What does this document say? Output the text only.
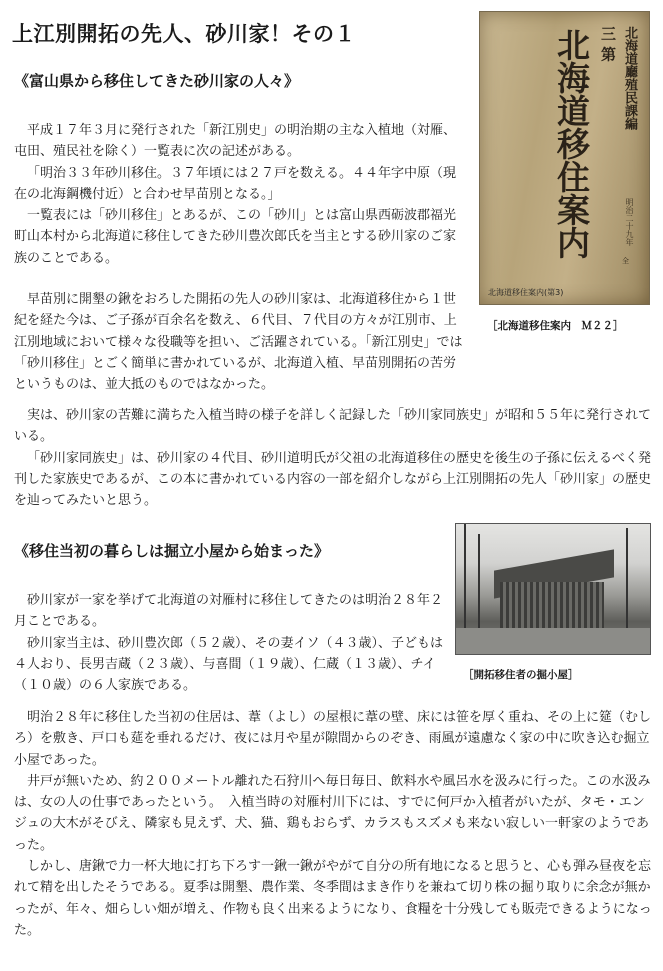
上江別開拓の先人、砂川家！その１
《富山県から移住してきた砂川家の人々》

平成１７年３月に発行された「新江別史」の明治期の主な入植地（対雁、屯田、殖民社を除く）一覧表に次の記述がある。

「明治３３年砂川移住。３７年頃には２７戸を数える。４４年字中原（現在の北海鋼機付近）と合わせ早苗別となる。」

一覧表には「砂川移住」とあるが、この「砂川」とは富山県西砺波郡福光町山本村から北海道に移住してきた砂川豊次郎氏を当主とする砂川家のご家族のことである。

早苗別に開墾の鍬をおろした開拓の先人の砂川家は、北海道移住から１世紀を経た今は、ご子孫が百余名を数え、６代目、７代目の方々が江別市、上江別地域において様々な役職等を担い、ご活躍されている。「新江別史」では「砂川移住」とごく簡単に書かれているが、北海道入植、早苗別開拓の苦労というものは、並大抵のものではなかった。

実は、砂川家の苦難に満ちた入植当時の様子を詳しく記録した「砂川家同族史」が昭和５５年に発行されている。

「砂川家同族史」は、砂川家の４代目、砂川道明氏が父祖の北海道移住の歴史を後生の子孫に伝えるべく発刊した家族史であるが、この本に書かれている内容の一部を紹介しながら上江別開拓の先人「砂川家」の歴史を辿ってみたいと思う。

北海道廳殖民課編
三 第
北海道移住案内	明治二十九年
全
北海道移住案内(第3)
［北海道移住案内　Ｍ２２］
《移住当初の暮らしは掘立小屋から始まった》

砂川家が一家を挙げて北海道の対雁村に移住してきたのは明治２８年２月ことである。

砂川家当主は、砂川豊次郎（５２歳）、その妻イソ（４３歳）、子どもは４人おり、長男吉蔵（２３歳）、与喜間（１９歳）、仁蔵（１３歳）、チイ（１０歳）の６人家族である。

明治２８年に移住した当初の住居は、葦（よし）の屋根に葦の壁、床には笹を厚く重ね、その上に筵（むしろ）を敷き、戸口も莚を垂れるだけ、夜には月や星が隙間からのぞき、雨風が遠慮なく家の中に吹き込む掘立小屋であった。

井戸が無いため、約２００メートル離れた石狩川へ毎日毎日、飲料水や風呂水を汲みに行った。この水汲みは、女の人の仕事であったという。　入植当時の対雁村川下には、すでに何戸か入植者がいたが、タモ・エンジュの大木がそびえ、隣家も見えず、犬、猫、鶏もおらず、カラスもスズメも来ない寂しい一軒家のようであった。

しかし、唐鍬で力一杯大地に打ち下ろす一鍬一鍬がやがて自分の所有地になると思うと、心も弾み昼夜を忘れて精を出したそうである。夏季は開墾、農作業、冬季間はまき作りを兼ねて切り株の掘り取りに余念が無かったが、年々、畑らしい畑が増え、作物も良く出来るようになり、食糧を十分残しても販売できるようになった。

［開拓移住者の掘小屋］
